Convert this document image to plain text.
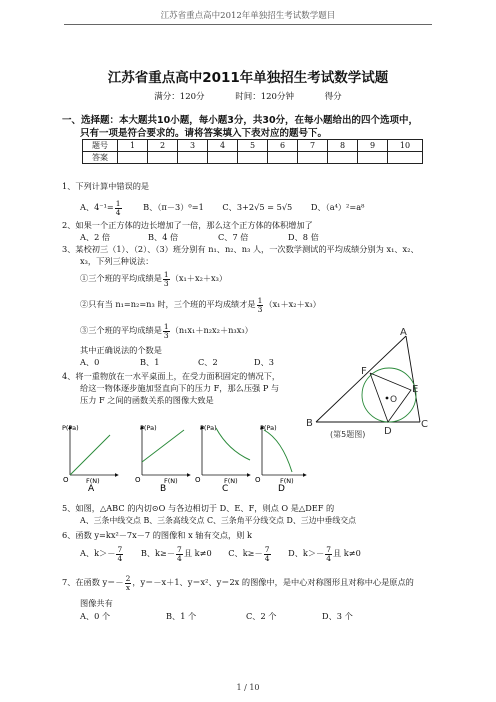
江苏省重点高中2012年单独招生考试数学题目
江苏省重点高中2011年单独招生考试数学试题
满分：120分	时间：120分钟	得分
一、选择题：本大题共10小题，每小题3分，共30分，在每小题给出的四个选项中，
只有一项是符合要求的。请将答案填入下表对应的题号下。
题号	1	2	3	4	5	6	7	8	9	10
答案										
1、下列计算中错误的是
A、$4^{-1}= \frac{1}{4}$	B、（π－3）⁰=1 C、3+2√5 = 5√5 D、（a⁴）²=a⁸
2、如果一个正方体的边长增加了一倍，那么这个正方体的体积增加了
A、2 倍	B、4 倍	C、7 倍	D、8 倍
3、某校初三（1）、（2）、（3）班分别有 n₁、n₂、n₃ 人，一次数学测试的平均成绩分别为 x₁、x₂、
x₃，下列三种说法：
①三个班的平均成绩是 $\frac{1}{3} (x_1+x_2+x_3)$
②只有当 n₁=n₂=n₃ 时，三个班的平均成绩才是 $\frac{1}{3} (x_1+x_2+x_3)$
③三个班的平均成绩是 $\frac{1}{3} (n_1x_1+n_2x_2+n_3x_3)$
其中正确说法的个数是
A、0	B、1	C、2	D、3
4、将一重物放在一水平桌面上，在受力面积固定的情况下，
给这一物体逐步施加竖直向下的压力 F，那么压强 P 与
压力 F 之间的函数关系的图像大致是
P(Pa)
F(N)
O
A
P(Pa)
F(N)
O
B
P(Pa)
F(N)
O
C
P(Pa)
F(N)
O
D
A
F
E
O
B
D
C
(第5题图)
5、如图，△ABC 的内切⊙O 与各边相切于 D、E、F，则点 O 是△DEF 的
A、三条中线交点 B、三条高线交点 C、三条角平分线交点 D、三边中垂线交点
6、函数 y=kx²－7x－7 的图像和 x 轴有交点，则 k
A、$k>- \frac{7}{4}$ B、$k\ge- \frac{7}{4}$ 且 k≠0 C、$k\ge- \frac{7}{4}$ D、$k>- \frac{7}{4}$ 且 k≠0
7、在函数 $y=- \frac{2}{x}$ ，y＝－x＋1、y＝x²、y＝2x 的图像中，是中心对称图形且对称中心是原点的
图像共有
A、0 个	B、1 个	C、2 个	D、3 个
1 / 10
